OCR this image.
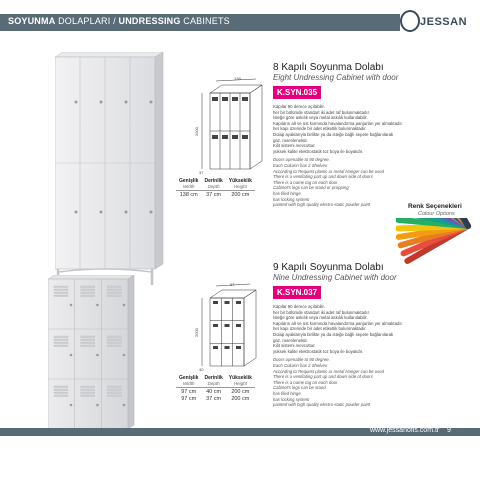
SOYUNMA DOLAPLARI / UNDRESSING CABINETS	JESSAN
138
2000
37
Genişlik	Derinlik	Yükseklik
Width	Depth	Height
138 cm	37 cm	200 cm
8 Kapılı Soyunma Dolabı
Eight Undressing Cabinet with door
K.SYN.035
Kapılar 90 derece açılabilir.
her bir bölümde standart iki adet raf bulunmaktadır.
İsteğe göre askılık veya metal askılık kullanılabilir.
Kapıların alt ve üst kısmında havalandırma panjurları yer almaktadır.
her kapı üzerinde bir adet etiketlik bulunmaktadır.
Dolap ayaklarıyla birlikte ya da isteğe bağlı sepete bağlanılarak
gaz. rusenlenektir.
Kilit sistemi mevcuttur.
yüksek kalite elektrostatik toz boya ile boyalıdır.
Doors openable to 90 degree.
Each Column has 2 Shelves
According to Request plastic or metal Hanger can be used
There is a ventilating part up and down side of doors
There is a name tag on each door
Cabinet's legs can be stand or propping
has filed hinge
has locking system
painted with high quality electro-static powder paint	Renk Seçenekleri
Colour Options
97
2000
40
Genişlik	Derinlik	Yükseklik
Width	Depth	Height
97 cm	40 cm	200 cm
97 cm	37 cm	200 cm
9 Kapılı Soyunma Dolabı
Nine Undressing Cabinet with door
K.SYN.037
Kapılar 90 derece açılabilir.
her bir bölümde standart iki adet raf bulunmaktadır.
İsteğe göre askılık veya metal askılık kullanılabilir.
Kapıların alt ve üst kısmında havalandırma panjurları yer almaktadır.
her kapı üzerinde bir adet etiketlik bulunmaktadır.
Dolap ayaklarıyla birlikte ya da isteğe bağlı sepete bağlanılarak
gaz. rusenlenektir.
Kilit sistemi mevcuttur.
yüksek kalite elektrostatik toz boya ile boyalıdır.
Doors openable to 90 degree.
Each Column has 2 Shelves
According to Request plastic or metal Hanger can be used
There is a ventilating part up and down side of doors
There is a name tag on each door
Cabinet's legs can be stand
has filed hinge
has locking system
painted with high quality electro-static powder paint
www.jessanofis.com.tr 9
